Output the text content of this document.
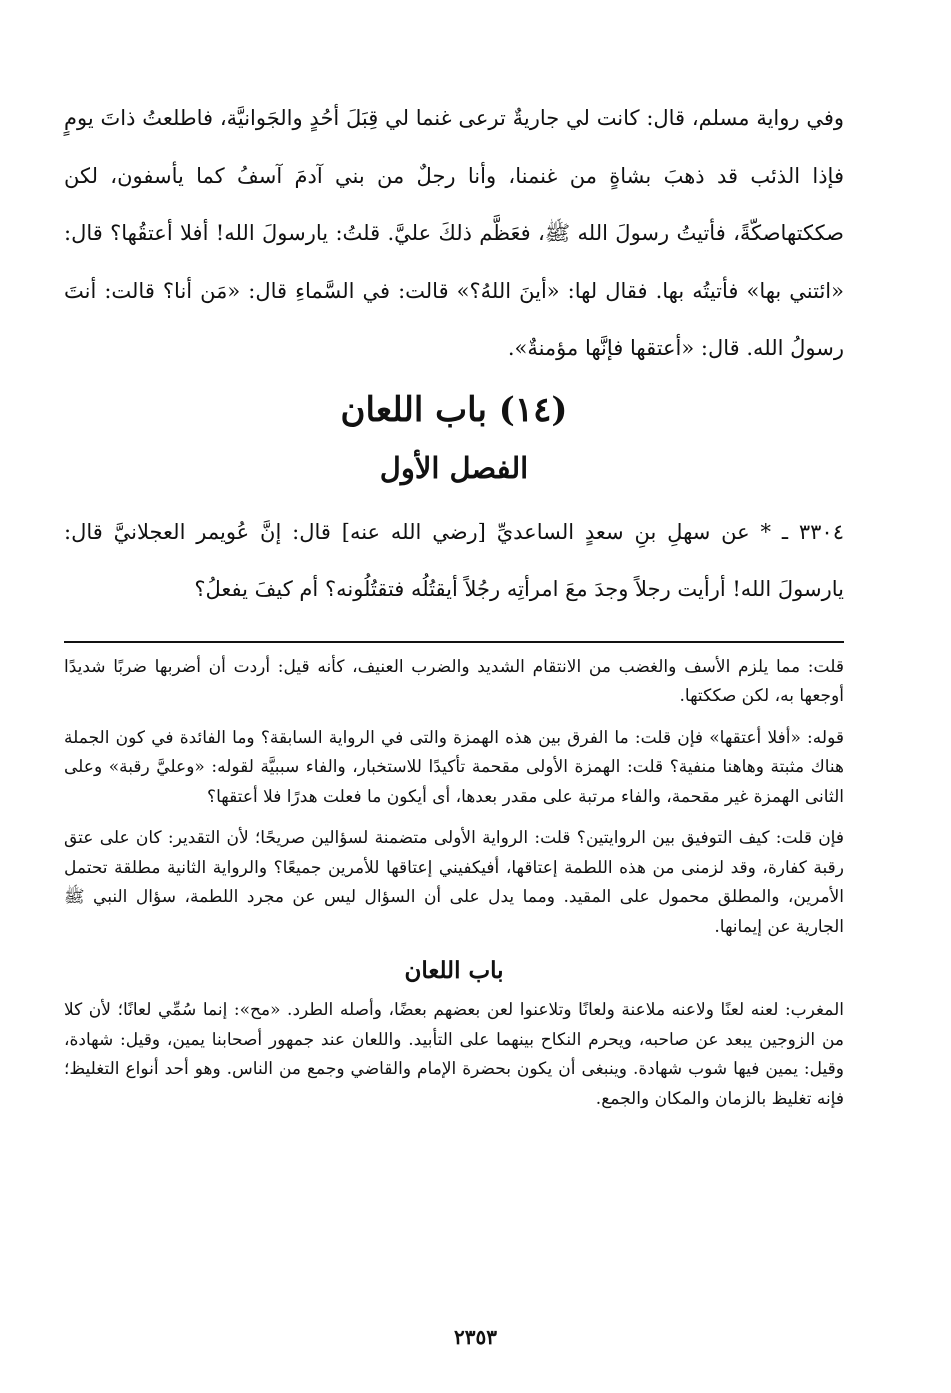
وفي رواية مسلم، قال: كانت لي جاريةٌ ترعى غنما لي قِبَلَ أحُدٍ والجَوانيَّة، فاطلعتُ ذاتَ يومٍ فإذا الذئب قد ذهبَ بشاةٍ من غنمنا، وأنا رجلٌ من بني آدمَ آسفُ كما يأسفون، لكن صككتهاصكّةً، فأتيتُ رسولَ الله ﷺ، فعَظَّم ذلكَ عليَّ. قلتُ: يارسولَ الله! أفلا أعتقُها؟ قال: «ائتني بها» فأتيتُه بها. فقال لها: «أينَ اللهُ؟» قالت: في السَّماءِ قال: «مَن أنا؟ قالت: أنتَ رسولُ الله. قال: «أعتقها فإنَّها مؤمنةٌ».

(١٤) باب اللعان
الفصل الأول

٣٣٠٤ ـ * عن سهلِ بنِ سعدٍ الساعديِّ [رضي الله عنه] قال: إنَّ عُويمر العجلانيَّ قال: يارسولَ الله! أرأيت رجلاً وجدَ معَ امرأتِه رجُلاً أيقتُلُه فتقتُلُونه؟ أم كيفَ يفعلُ؟

قلت: مما يلزم الأسف والغضب من الانتقام الشديد والضرب العنيف، كأنه قيل: أردت أن أضربها ضربًا شديدًا أوجعها به، لكن صككتها.

قوله: «أفلا أعتقها» فإن قلت: ما الفرق بين هذه الهمزة والتى في الرواية السابقة؟ وما الفائدة في كون الجملة هناك مثبتة وهاهنا منفية؟ قلت: الهمزة الأولى مقحمة تأكيدًا للاستخبار، والفاء سببيَّة لقوله: «وعليَّ رقبة» وعلى الثانى الهمزة غير مقحمة، والفاء مرتبة على مقدر بعدها، أى أيكون ما فعلت هدرًا فلا أعتقها؟

فإن قلت: كيف التوفيق بين الروايتين؟ قلت: الرواية الأولى متضمنة لسؤالين صريحًا؛ لأن التقدير: كان على عتق رقبة كفارة، وقد لزمنى من هذه اللطمة إعتاقها، أفيكفيني إعتاقها للأمرين جميعًا؟ والرواية الثانية مطلقة تحتمل الأمرين، والمطلق محمول على المقيد. ومما يدل على أن السؤال ليس عن مجرد اللطمة، سؤال النبي ﷺ الجارية عن إيمانها.

باب اللعان

المغرب: لعنه لعنًا ولاعنه ملاعنة ولعانًا وتلاعنوا لعن بعضهم بعضًا، وأصله الطرد. «مح»: إنما سُمِّي لعانًا؛ لأن كلا من الزوجين يبعد عن صاحبه، ويحرم النكاح بينهما على التأبيد. واللعان عند جمهور أصحابنا يمين، وقيل: شهادة، وقيل: يمين فيها شوب شهادة. وينبغى أن يكون بحضرة الإمام والقاضي وجمع من الناس. وهو أحد أنواع التغليظ؛ فإنه تغليظ بالزمان والمكان والجمع.

٢٣٥٣
